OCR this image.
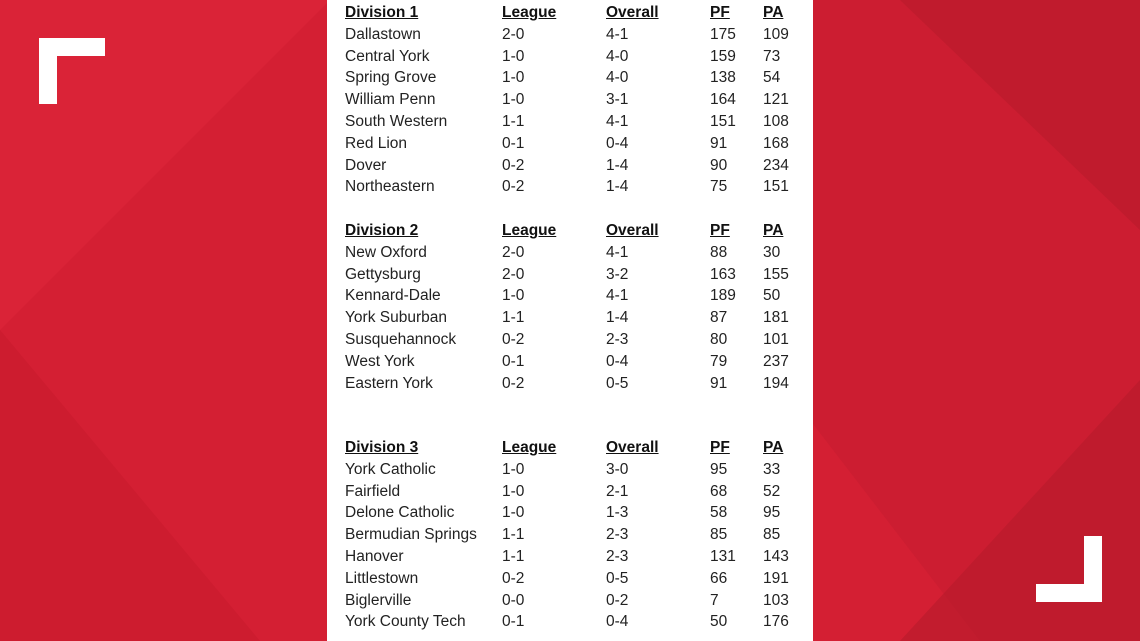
Division 1	League	Overall	PF PA
Dallastown	2-0	4-1	175 109
Central York	1-0	4-0	159 73
Spring Grove	1-0	4-0	138 54
William Penn	1-0	3-1	164 121
South Western	1-1	4-1	151 108
Red Lion	0-1	0-4	91 168
Dover	0-2	1-4	90 234
Northeastern	0-2	1-4	75 151
Division 2	League	Overall	PF PA
New Oxford	2-0	4-1	88 30
Gettysburg	2-0	3-2	163 155
Kennard-Dale	1-0	4-1	189 50
York Suburban	1-1	1-4	87 181
Susquehannock	0-2	2-3	80 101
West York	0-1	0-4	79 237
Eastern York	0-2	0-5	91 194
Division 3	League	Overall	PF PA
York Catholic	1-0	3-0	95 33
Fairfield	1-0	2-1	68 52
Delone Catholic	1-0	1-3	58 95
Bermudian Springs 1-1	2-3	85 85
Hanover	1-1	2-3	131 143
Littlestown	0-2	0-5	66 191
Biglerville	0-0	0-2	7	103
York County Tech 0-1	0-4	50 176
